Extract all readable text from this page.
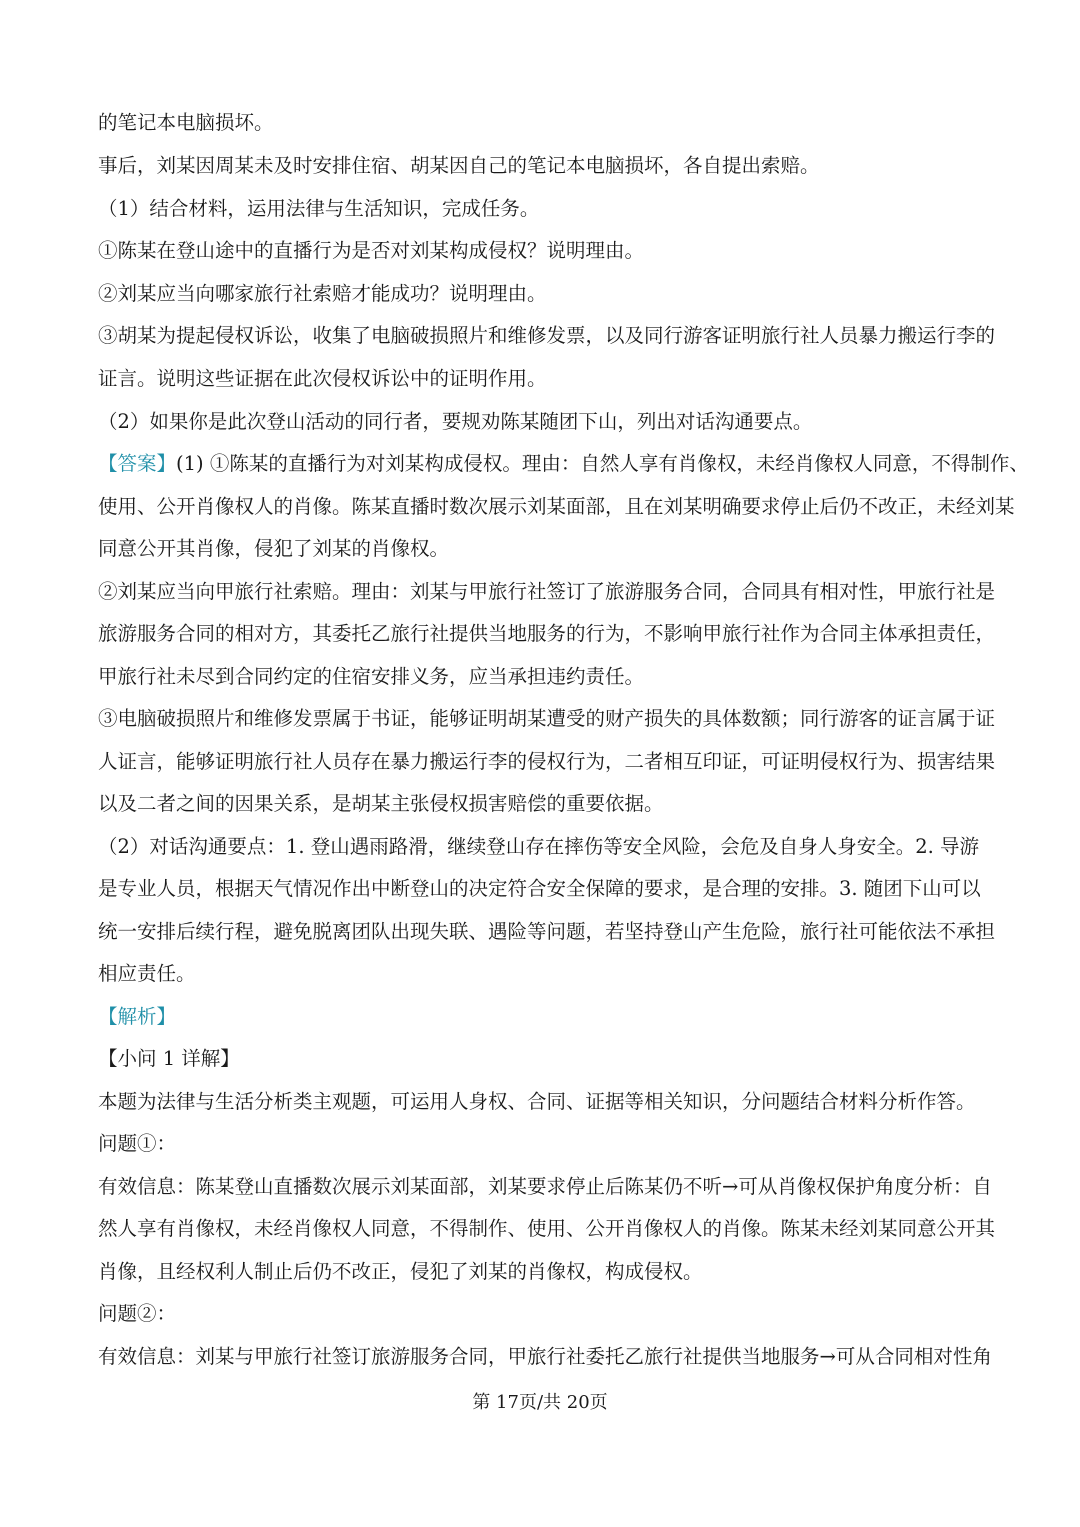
的笔记本电脑损坏。
事后，刘某因周某未及时安排住宿、胡某因自己的笔记本电脑损坏，各自提出索赔。
（1）结合材料，运用法律与生活知识，完成任务。
①陈某在登山途中的直播行为是否对刘某构成侵权？说明理由。
②刘某应当向哪家旅行社索赔才能成功？说明理由。
③胡某为提起侵权诉讼，收集了电脑破损照片和维修发票，以及同行游客证明旅行社人员暴力搬运行李的
证言。说明这些证据在此次侵权诉讼中的证明作用。
（2）如果你是此次登山活动的同行者，要规劝陈某随团下山，列出对话沟通要点。
【答案】(1) ①陈某的直播行为对刘某构成侵权。理由：自然人享有肖像权，未经肖像权人同意，不得制作、
使用、公开肖像权人的肖像。陈某直播时数次展示刘某面部，且在刘某明确要求停止后仍不改正，未经刘某
同意公开其肖像，侵犯了刘某的肖像权。
②刘某应当向甲旅行社索赔。理由：刘某与甲旅行社签订了旅游服务合同，合同具有相对性，甲旅行社是
旅游服务合同的相对方，其委托乙旅行社提供当地服务的行为，不影响甲旅行社作为合同主体承担责任，
甲旅行社未尽到合同约定的住宿安排义务，应当承担违约责任。
③电脑破损照片和维修发票属于书证，能够证明胡某遭受的财产损失的具体数额；同行游客的证言属于证
人证言，能够证明旅行社人员存在暴力搬运行李的侵权行为，二者相互印证，可证明侵权行为、损害结果
以及二者之间的因果关系，是胡某主张侵权损害赔偿的重要依据。
（2）对话沟通要点：1. 登山遇雨路滑，继续登山存在摔伤等安全风险，会危及自身人身安全。2. 导游
是专业人员，根据天气情况作出中断登山的决定符合安全保障的要求，是合理的安排。3. 随团下山可以
统一安排后续行程，避免脱离团队出现失联、遇险等问题，若坚持登山产生危险，旅行社可能依法不承担
相应责任。
【解析】
【小问 1 详解】
本题为法律与生活分析类主观题，可运用人身权、合同、证据等相关知识，分问题结合材料分析作答。
问题①：
有效信息：陈某登山直播数次展示刘某面部，刘某要求停止后陈某仍不听→可从肖像权保护角度分析：自
然人享有肖像权，未经肖像权人同意，不得制作、使用、公开肖像权人的肖像。陈某未经刘某同意公开其
肖像，且经权利人制止后仍不改正，侵犯了刘某的肖像权，构成侵权。
问题②：
有效信息：刘某与甲旅行社签订旅游服务合同，甲旅行社委托乙旅行社提供当地服务→可从合同相对性角
第 17页/共 20页
